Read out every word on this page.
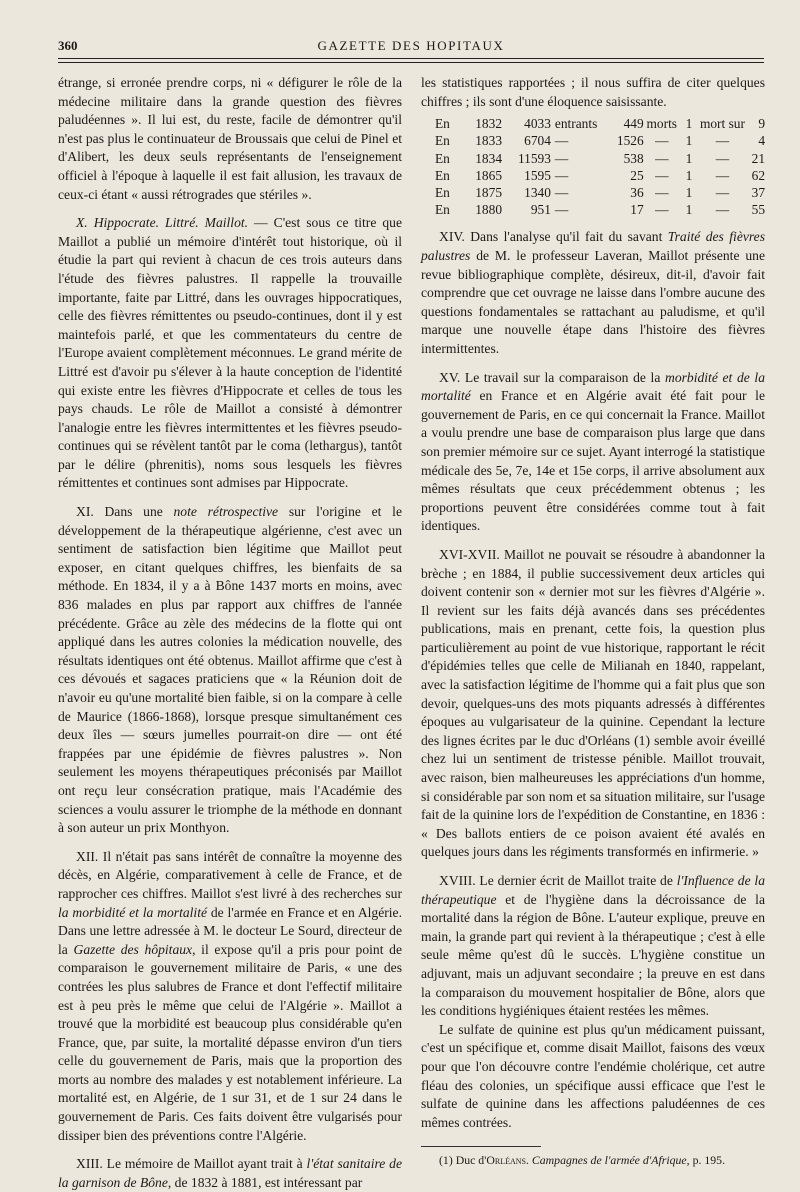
360	GAZETTE DES HOPITAUX

étrange, si erronée prendre corps, ni « défigurer le rôle de la médecine militaire dans la grande question des fièvres paludéennes ». Il lui est, du reste, facile de démontrer qu'il n'est pas plus le continuateur de Broussais que celui de Pinel et d'Alibert, les deux seuls représentants de l'enseignement officiel à l'époque à laquelle il est fait allusion, les travaux de ceux-ci étant « aussi rétrogrades que stériles ».

X. Hippocrate. Littré. Maillot. — C'est sous ce titre que Maillot a publié un mémoire d'intérêt tout historique, où il étudie la part qui revient à chacun de ces trois auteurs dans l'étude des fièvres palustres. Il rappelle la trouvaille importante, faite par Littré, dans les ouvrages hippocratiques, celle des fièvres rémittentes ou pseudo-continues, dont il y est maintefois parlé, et que les commentateurs du centre de l'Europe avaient complètement méconnues. Le grand mérite de Littré est d'avoir pu s'élever à la haute conception de l'identité qui existe entre les fièvres d'Hippocrate et celles de tous les pays chauds. Le rôle de Maillot a consisté à démontrer l'analogie entre les fièvres intermittentes et les fièvres pseudo-continues qui se révèlent tantôt par le coma (lethargus), tantôt par le délire (phrenitis), noms sous lesquels les fièvres rémittentes et continues sont admises par Hippocrate.

XI. Dans une note rétrospective sur l'origine et le développement de la thérapeutique algérienne, c'est avec un sentiment de satisfaction bien légitime que Maillot peut exposer, en citant quelques chiffres, les bienfaits de sa méthode. En 1834, il y a à Bône 1437 morts en moins, avec 836 malades en plus par rapport aux chiffres de l'année précédente. Grâce au zèle des médecins de la flotte qui ont appliqué dans les autres colonies la médication nouvelle, des résultats identiques ont été obtenus. Maillot affirme que c'est à ces dévoués et sagaces praticiens que « la Réunion doit de n'avoir eu qu'une mortalité bien faible, si on la compare à celle de Maurice (1866-1868), lorsque presque simultanément ces deux îles — sœurs jumelles pourrait-on dire — ont été frappées par une épidémie de fièvres palustres ». Non seulement les moyens thérapeutiques préconisés par Maillot ont reçu leur consécration pratique, mais l'Académie des sciences a voulu assurer le triomphe de la méthode en donnant à son auteur un prix Monthyon.

XII. Il n'était pas sans intérêt de connaître la moyenne des décès, en Algérie, comparativement à celle de France, et de rapprocher ces chiffres. Maillot s'est livré à des recherches sur la morbidité et la mortalité de l'armée en France et en Algérie. Dans une lettre adressée à M. le docteur Le Sourd, directeur de la Gazette des hôpitaux, il expose qu'il a pris pour point de comparaison le gouvernement militaire de Paris, « une des contrées les plus salubres de France et dont l'effectif militaire est à peu près le même que celui de l'Algérie ». Maillot a trouvé que la morbidité est beaucoup plus considérable qu'en France, que, par suite, la mortalité dépasse environ d'un tiers celle du gouvernement de Paris, mais que la proportion des morts au nombre des malades y est notablement inférieure. La mortalité est, en Algérie, de 1 sur 31, et de 1 sur 24 dans le gouvernement de Paris. Ces faits doivent être vulgarisés pour dissiper bien des préventions contre l'Algérie.

XIII. Le mémoire de Maillot ayant trait à l'état sanitaire de la garnison de Bône, de 1832 à 1881, est intéressant par

les statistiques rapportées ; il nous suffira de citer quelques chiffres ; ils sont d'une éloquence saisissante.

En	1832	4033 entrants	449 morts 1 mort sur 9
En	1833	6704 —	1526 —	1	—	4
En	1834	11593 —	538 —	1	—	21
En	1865	1595 —	25 —	1	—	62
En	1875	1340 —	36 —	1	—	37
En	1880	951 —	17 —	1	—	55

XIV. Dans l'analyse qu'il fait du savant Traité des fièvres palustres de M. le professeur Laveran, Maillot présente une revue bibliographique complète, désireux, dit-il, d'avoir fait comprendre que cet ouvrage ne laisse dans l'ombre aucune des questions fondamentales se rattachant au paludisme, et qu'il marque une nouvelle étape dans l'histoire des fièvres intermittentes.

XV. Le travail sur la comparaison de la morbidité et de la mortalité en France et en Algérie avait été fait pour le gouvernement de Paris, en ce qui concernait la France. Maillot a voulu prendre une base de comparaison plus large que dans son premier mémoire sur ce sujet. Ayant interrogé la statistique médicale des 5e, 7e, 14e et 15e corps, il arrive absolument aux mêmes résultats que ceux précédemment obtenus ; les proportions peuvent être considérées comme tout à fait identiques.

XVI-XVII. Maillot ne pouvait se résoudre à abandonner la brèche ; en 1884, il publie successivement deux articles qui doivent contenir son « dernier mot sur les fièvres d'Algérie ». Il revient sur les faits déjà avancés dans ses précédentes publications, mais en prenant, cette fois, la question plus particulièrement au point de vue historique, rapportant le récit d'épidémies telles que celle de Milianah en 1840, rappelant, avec la satisfaction légitime de l'homme qui a fait plus que son devoir, quelques-uns des mots piquants adressés à différentes époques au vulgarisateur de la quinine. Cependant la lecture des lignes écrites par le duc d'Orléans (1) semble avoir éveillé chez lui un sentiment de tristesse pénible. Maillot trouvait, avec raison, bien malheureuses les appréciations d'un homme, si considérable par son nom et sa situation militaire, sur l'usage fait de la quinine lors de l'expédition de Constantine, en 1836 : « Des ballots entiers de ce poison avaient été avalés en quelques jours dans les régiments transformés en infirmerie. »

XVIII. Le dernier écrit de Maillot traite de l'Influence de la thérapeutique et de l'hygiène dans la décroissance de la mortalité dans la région de Bône. L'auteur explique, preuve en main, la grande part qui revient à la thérapeutique ; c'est à elle seule même qu'est dû le succès. L'hygiène constitue un adjuvant, mais un adjuvant secondaire ; la preuve en est dans la comparaison du mouvement hospitalier de Bône, alors que les conditions hygiéniques étaient restées les mêmes.

Le sulfate de quinine est plus qu'un médicament puissant, c'est un spécifique et, comme disait Maillot, faisons des vœux pour que l'on découvre contre l'endémie cholérique, cet autre fléau des colonies, un spécifique aussi efficace que l'est le sulfate de quinine dans les affections paludéennes de ces mêmes contrées.

(1) Duc d'Orléans. Campagnes de l'armée d'Afrique, p. 195.
